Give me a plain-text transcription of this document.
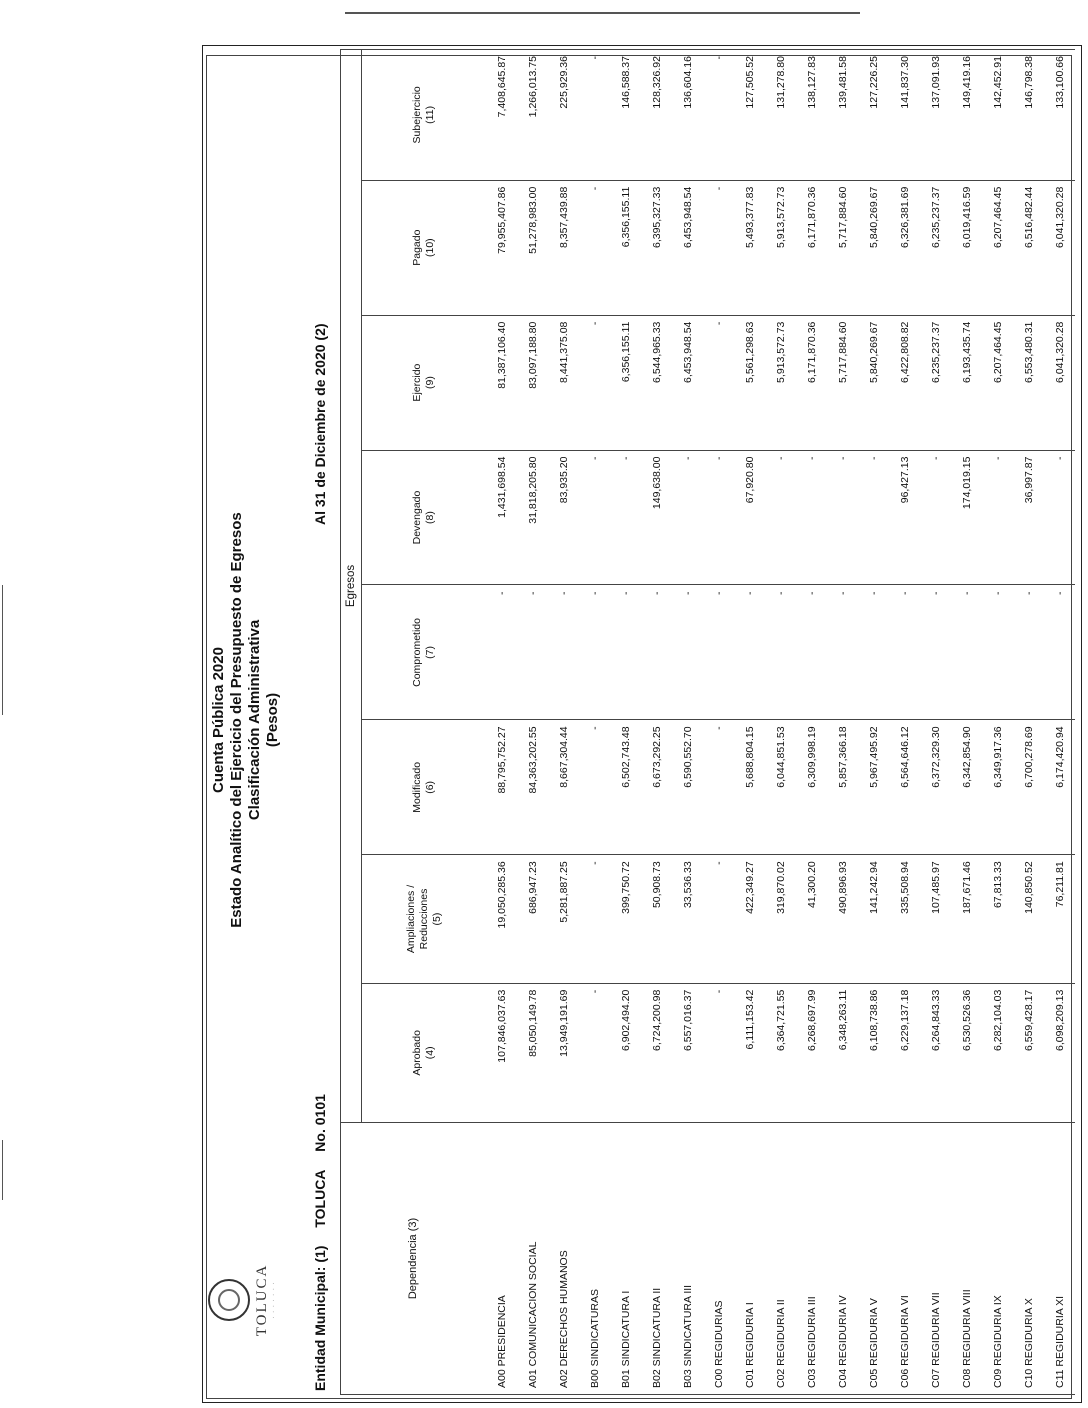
TOLUCA · · · · · · ·
Cuenta Pública 2020 Estado Analítico del Ejercicio del Presupuesto de Egresos Clasificación Administrativa (Pesos)
Entidad Municipal: (1) TOLUCA No. 0101
Al 31 de Diciembre de 2020 (2)
Dependencia (3)	Egresos							

	Aprobado (4)	Ampliaciones / Reducciones (5)	Modificado (6)	Comprometido (7)	Devengado (8)	Ejercido (9)	Pagado (10)	Subejercicio (11)

A00 PRESIDENCIA	107,846,037.63	19,050,285.36	88,795,752.27	-	1,431,698.54	81,387,106.40	79,955,407.86	7,408,645.87
A01 COMUNICACION SOCIAL	85,050,149.78	686,947.23	84,363,202.55	-	31,818,205.80	83,097,188.80	51,278,983.00	1,266,013.75
A02 DERECHOS HUMANOS	13,949,191.69	5,281,887.25	8,667,304.44	-	83,935.20	8,441,375.08	8,357,439.88	225,929.36
B00 SINDICATURAS	-	-	-	-	-	-	-	-
B01 SINDICATURA I	6,902,494.20	399,750.72	6,502,743.48	-	-	6,356,155.11	6,356,155.11	146,588.37
B02 SINDICATURA II	6,724,200.98	50,908.73	6,673,292.25	-	149,638.00	6,544,965.33	6,395,327.33	128,326.92
B03 SINDICATURA III	6,557,016.37	33,536.33	6,590,552.70	-	-	6,453,948.54	6,453,948.54	136,604.16
C00 REGIDURIAS	-	-	-	-	-	-	-	-
C01 REGIDURIA I	6,111,153.42	422,349.27	5,688,804.15	-	67,920.80	5,561,298.63	5,493,377.83	127,505.52
C02 REGIDURIA II	6,364,721.55	319,870.02	6,044,851.53	-	-	5,913,572.73	5,913,572.73	131,278.80
C03 REGIDURIA III	6,268,697.99	41,300.20	6,309,998.19	-	-	6,171,870.36	6,171,870.36	138,127.83
C04 REGIDURIA IV	6,348,263.11	490,896.93	5,857,366.18	-	-	5,717,884.60	5,717,884.60	139,481.58
C05 REGIDURIA V	6,108,738.86	141,242.94	5,967,495.92	-	-	5,840,269.67	5,840,269.67	127,226.25
C06 REGIDURIA VI	6,229,137.18	335,508.94	6,564,646.12	-	96,427.13	6,422,808.82	6,326,381.69	141,837.30
C07 REGIDURIA VII	6,264,843.33	107,485.97	6,372,329.30	-	-	6,235,237.37	6,235,237.37	137,091.93
C08 REGIDURIA VIII	6,530,526.36	187,671.46	6,342,854.90	-	174,019.15	6,193,435.74	6,019,416.59	149,419.16
C09 REGIDURIA IX	6,282,104.03	67,813.33	6,349,917.36	-	-	6,207,464.45	6,207,464.45	142,452.91
C10 REGIDURIA X	6,559,428.17	140,850.52	6,700,278.69	-	36,997.87	6,553,480.31	6,516,482.44	146,798.38
C11 REGIDURIA XI	6,098,209.13	76,211.81	6,174,420.94	-	-	6,041,320.28	6,041,320.28	133,100.66
